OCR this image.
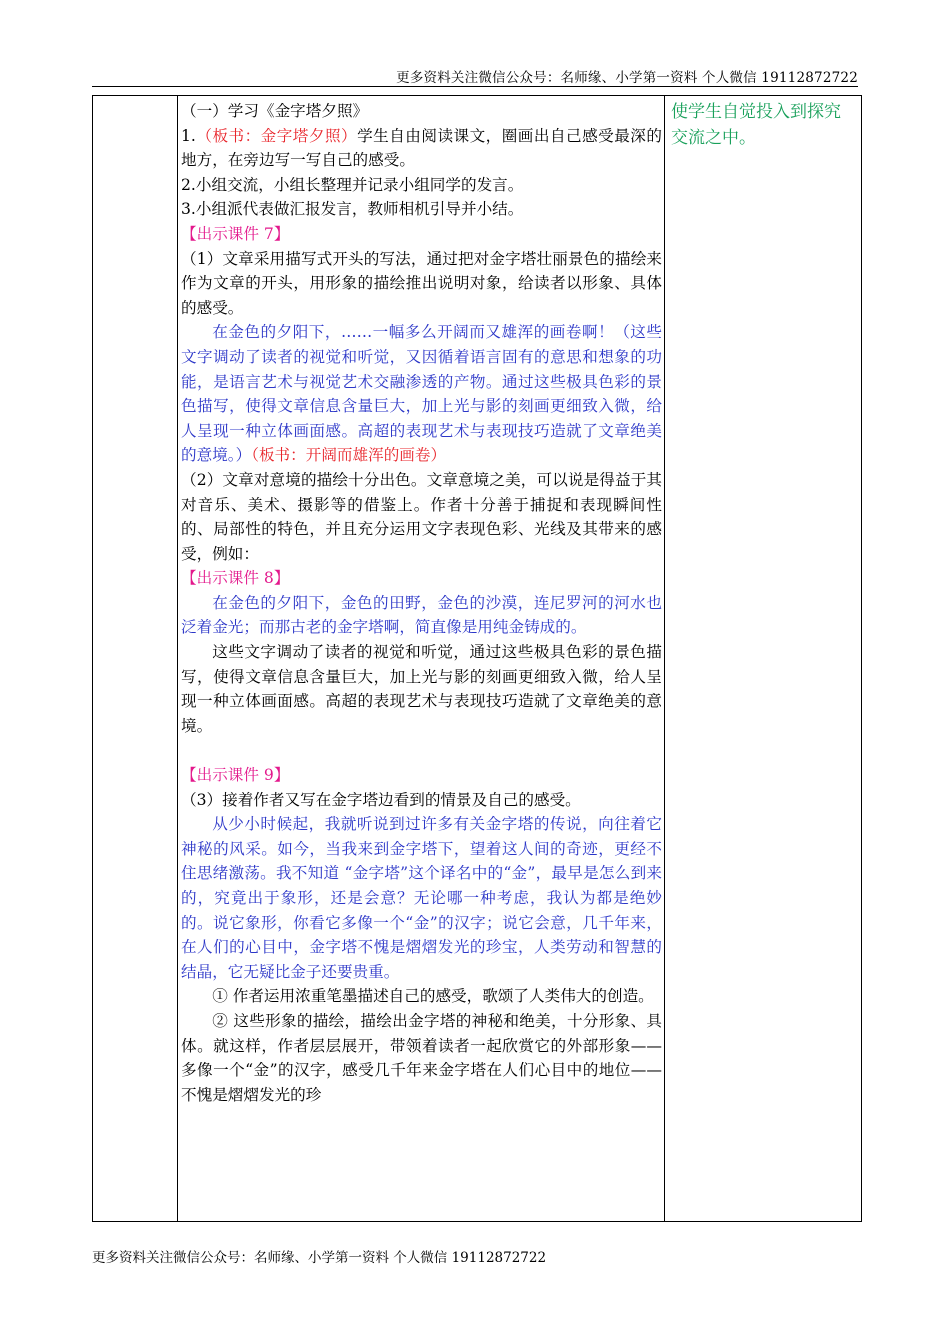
更多资料关注微信公众号：名师缘、小学第一资料 个人微信 19112872722

（一）学习《金字塔夕照》

1.（板书：金字塔夕照）学生自由阅读课文，圈画出自己感受最深的地方，在旁边写一写自己的感受。

2.小组交流，小组长整理并记录小组同学的发言。

3.小组派代表做汇报发言，教师相机引导并小结。

【出示课件 7】

（1）文章采用描写式开头的写法，通过把对金字塔壮丽景色的描绘来作为文章的开头，用形象的描绘推出说明对象，给读者以形象、具体的感受。

在金色的夕阳下，……一幅多么开阔而又雄浑的画卷啊！（这些文字调动了读者的视觉和听觉，又因循着语言固有的意思和想象的功能，是语言艺术与视觉艺术交融渗透的产物。通过这些极具色彩的景色描写，使得文章信息含量巨大，加上光与影的刻画更细致入微，给人呈现一种立体画面感。高超的表现艺术与表现技巧造就了文章绝美的意境。）（板书：开阔而雄浑的画卷）

（2）文章对意境的描绘十分出色。文章意境之美，可以说是得益于其对音乐、美术、摄影等的借鉴上。作者十分善于捕捉和表现瞬间性的、局部性的特色，并且充分运用文字表现色彩、光线及其带来的感受，例如：

【出示课件 8】

在金色的夕阳下，金色的田野，金色的沙漠，连尼罗河的河水也泛着金光；而那古老的金字塔啊，简直像是用纯金铸成的。

这些文字调动了读者的视觉和听觉，通过这些极具色彩的景色描写，使得文章信息含量巨大，加上光与影的刻画更细致入微，给人呈现一种立体画面感。高超的表现艺术与表现技巧造就了文章绝美的意境。

【出示课件 9】

（3）接着作者又写在金字塔边看到的情景及自己的感受。

从少小时候起，我就听说到过许多有关金字塔的传说，向往着它神秘的风采。如今，当我来到金字塔下，望着这人间的奇迹，更经不住思绪激荡。我不知道 “金字塔”这个译名中的“金”，最早是怎么到来的，究竟出于象形，还是会意？无论哪一种考虑，我认为都是绝妙的。说它象形，你看它多像一个“金”的汉字；说它会意，几千年来，在人们的心目中，金字塔不愧是熠熠发光的珍宝，人类劳动和智慧的结晶，它无疑比金子还要贵重。

① 作者运用浓重笔墨描述自己的感受，歌颂了人类伟大的创造。

② 这些形象的描绘，描绘出金字塔的神秘和绝美，十分形象、具体。就这样，作者层层展开，带领着读者一起欣赏它的外部形象——多像一个“金”的汉字，感受几千年来金字塔在人们心目中的地位——不愧是熠熠发光的珍

使学生自觉投入到探究交流之中。
更多资料关注微信公众号：名师缘、小学第一资料 个人微信 19112872722
